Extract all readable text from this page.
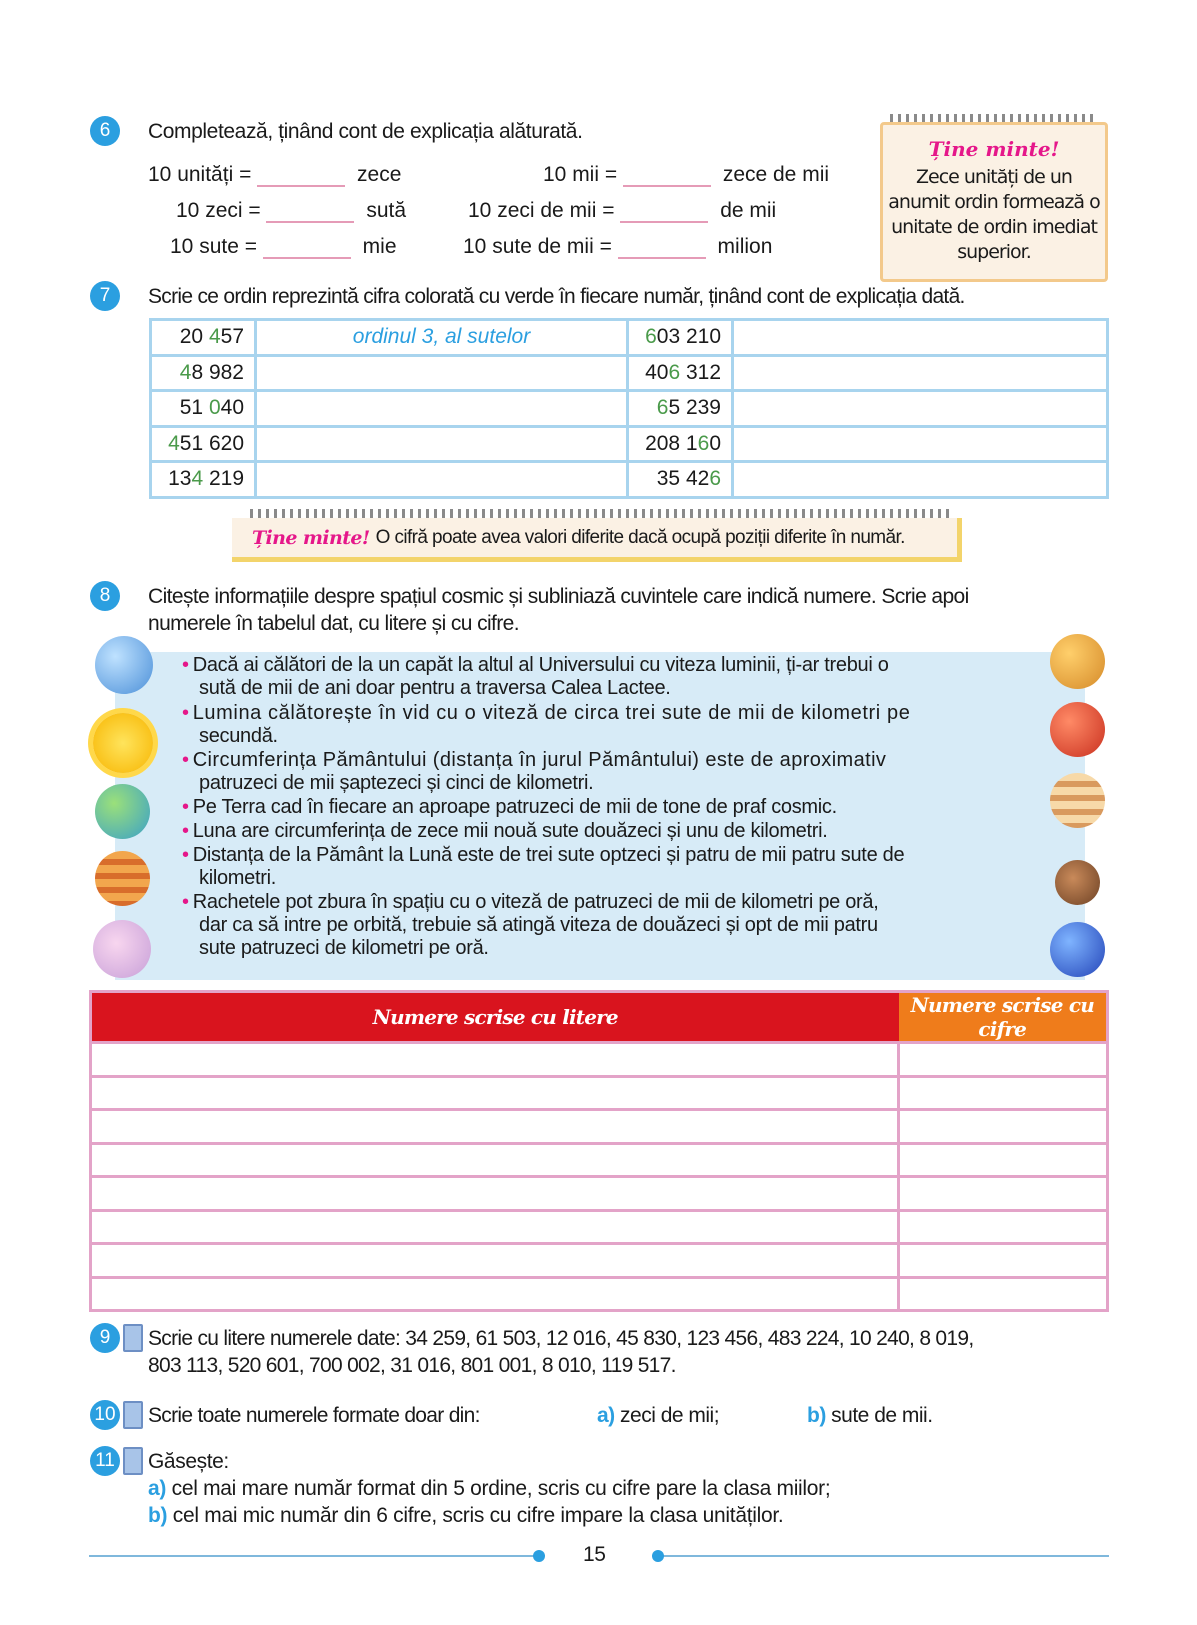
6	Completează, ținând cont de explicația alăturată.
10 unități =	zece
10 zeci =	sută
10 sute =	mie
10 mii =	zece de mii
10 zeci de mii =	de mii
10 sute de mii =	milion
Ține minte!
Zece unități de un
anumit ordin formează o
unitate de ordin imediat
superior.
7	Scrie ce ordin reprezintă cifra colorată cu verde în fiecare număr, ținând cont de explicația dată.
20 457	ordinul 3, al sutelor	603 210	
48 982		406 312	
51 040		65 239	
451 620		208 160	
134 219		35 426	
Ține minte! O cifră poate avea valori diferite dacă ocupă poziții diferite în număr.
8	Citește informațiile despre spațiul cosmic și subliniază cuvintele care indică numere. Scrie apoi
numerele în tabelul dat, cu litere și cu cifre.
• Dacă ai călători de la un capăt la altul al Universului cu viteza luminii, ți-ar trebui o
sută de mii de ani doar pentru a traversa Calea Lactee.
• Lumina călătorește în vid cu o viteză de circa trei sute de mii de kilometri pe
secundă.
• Circumferința Pământului (distanța în jurul Pământului) este de aproximativ
patruzeci de mii șaptezeci și cinci de kilometri.
• Pe Terra cad în fiecare an aproape patruzeci de mii de tone de praf cosmic.
• Luna are circumferința de zece mii nouă sute douăzeci și unu de kilometri.
• Distanța de la Pământ la Lună este de trei sute optzeci și patru de mii patru sute de
kilometri.
• Rachetele pot zbura în spațiu cu o viteză de patruzeci de mii de kilometri pe oră,
dar ca să intre pe orbită, trebuie să atingă viteza de douăzeci și opt de mii patru
sute patruzeci de kilometri pe oră.
Numere scrise cu litere	Numere scrise cu cifre

9	Scrie cu litere numerele date: 34 259, 61 503, 12 016, 45 830, 123 456, 483 224, 10 240, 8 019,
803 113, 520 601, 700 002, 31 016, 801 001, 8 010, 119 517.
10 Scrie toate numerele formate doar din:	a) zeci de mii;	b) sute de mii.
11 Găsește:
a) cel mai mare număr format din 5 ordine, scris cu cifre pare la clasa miilor;
b) cel mai mic număr din 6 cifre, scris cu cifre impare la clasa unităților.
15
